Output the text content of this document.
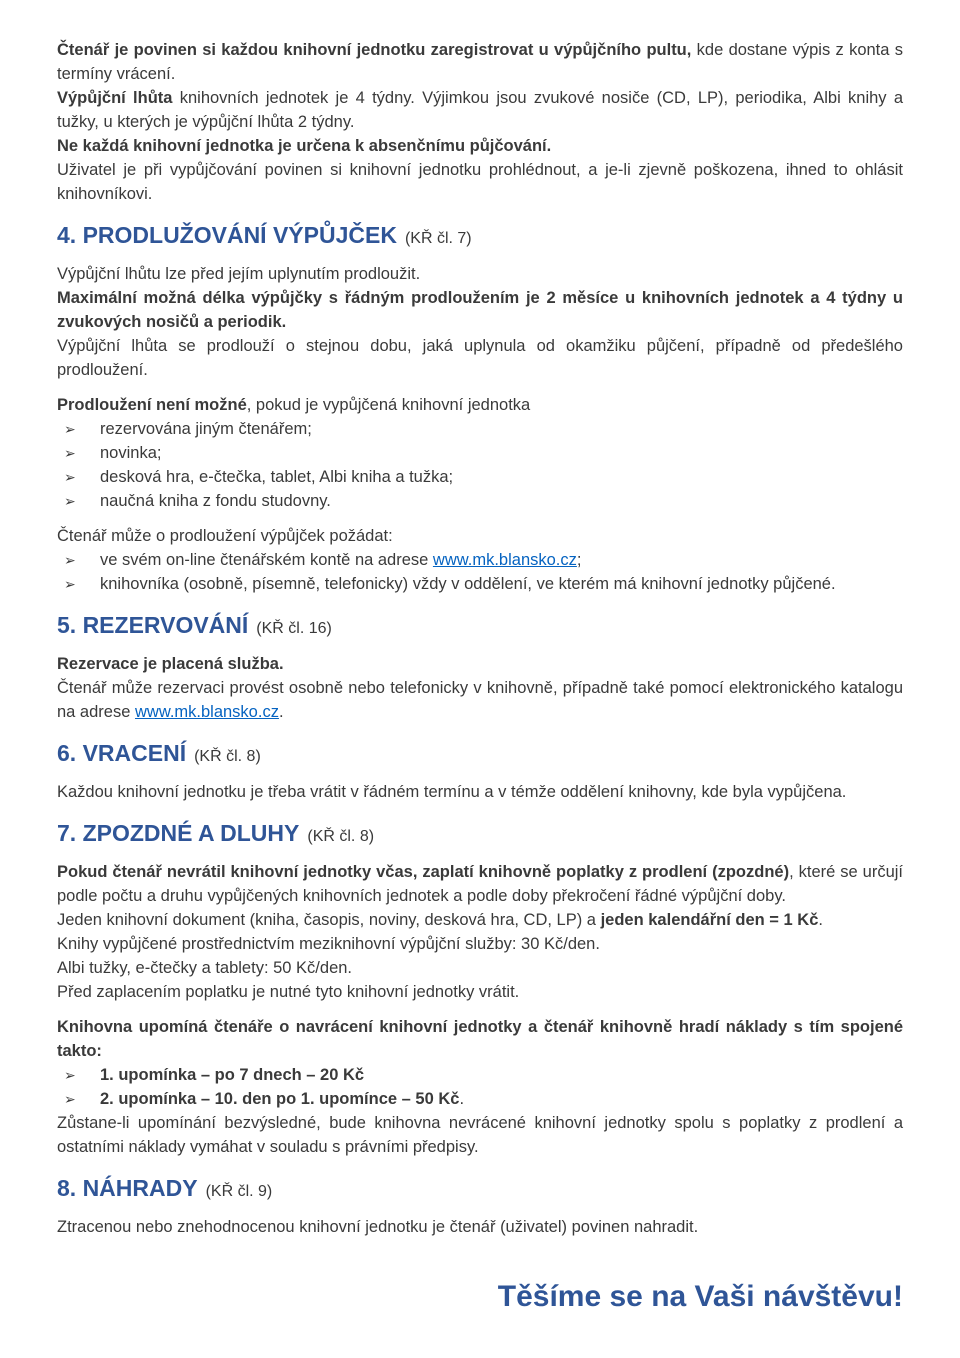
Čtenář je povinen si každou knihovní jednotku zaregistrovat u výpůjčního pultu, kde dostane výpis z konta s termíny vrácení.

Výpůjční lhůta knihovních jednotek je 4 týdny. Výjimkou jsou zvukové nosiče (CD, LP), periodika, Albi knihy a tužky, u kterých je výpůjční lhůta 2 týdny.

Ne každá knihovní jednotka je určena k absenčnímu půjčování.

Uživatel je při vypůjčování povinen si knihovní jednotku prohlédnout, a je-li zjevně poškozena, ihned to ohlásit knihovníkovi.

4. PRODLUŽOVÁNÍ VÝPŮJČEK (KŘ čl. 7)

Výpůjční lhůtu lze před jejím uplynutím prodloužit.

Maximální možná délka výpůjčky s řádným prodloužením je 2 měsíce u knihovních jednotek a 4 týdny u zvukových nosičů a periodik.

Výpůjční lhůta se prodlouží o stejnou dobu, jaká uplynula od okamžiku půjčení, případně od předešlého prodloužení.

Prodloužení není možné, pokud je vypůjčená knihovní jednotka

➢	rezervována jiným čtenářem;
➢	novinka;
➢	desková hra, e-čtečka, tablet, Albi kniha a tužka;
➢	naučná kniha z fondu studovny.

Čtenář může o prodloužení výpůjček požádat:

➢	ve svém on-line čtenářském kontě na adrese www.mk.blansko.cz;
➢	knihovníka (osobně, písemně, telefonicky) vždy v oddělení, ve kterém má knihovní jednotky půjčené.
5. REZERVOVÁNÍ (KŘ čl. 16)

Rezervace je placená služba.

Čtenář může rezervaci provést osobně nebo telefonicky v knihovně, případně také pomocí elektronického katalogu na adrese www.mk.blansko.cz.

6. VRACENÍ (KŘ čl. 8)

Každou knihovní jednotku je třeba vrátit v řádném termínu a v témže oddělení knihovny, kde byla vypůjčena.

7. ZPOZDNÉ A DLUHY (KŘ čl. 8)

Pokud čtenář nevrátil knihovní jednotky včas, zaplatí knihovně poplatky z prodlení (zpozdné), které se určují podle počtu a druhu vypůjčených knihovních jednotek a podle doby překročení řádné výpůjční doby.

Jeden knihovní dokument (kniha, časopis, noviny, desková hra, CD, LP) a jeden kalendářní den = 1 Kč.

Knihy vypůjčené prostřednictvím meziknihovní výpůjční služby: 30 Kč/den.

Albi tužky, e-čtečky a tablety: 50 Kč/den.

Před zaplacením poplatku je nutné tyto knihovní jednotky vrátit.

Knihovna upomíná čtenáře o navrácení knihovní jednotky a čtenář knihovně hradí náklady s tím spojené takto:

➢	1. upomínka – po 7 dnech – 20 Kč
➢	2. upomínka – 10. den po 1. upomínce – 50 Kč.

Zůstane-li upomínání bezvýsledné, bude knihovna nevrácené knihovní jednotky spolu s poplatky z prodlení a ostatními náklady vymáhat v souladu s právními předpisy.

8. NÁHRADY (KŘ čl. 9)

Ztracenou nebo znehodnocenou knihovní jednotku je čtenář (uživatel) povinen nahradit.

Těšíme se na Vaši návštěvu!
